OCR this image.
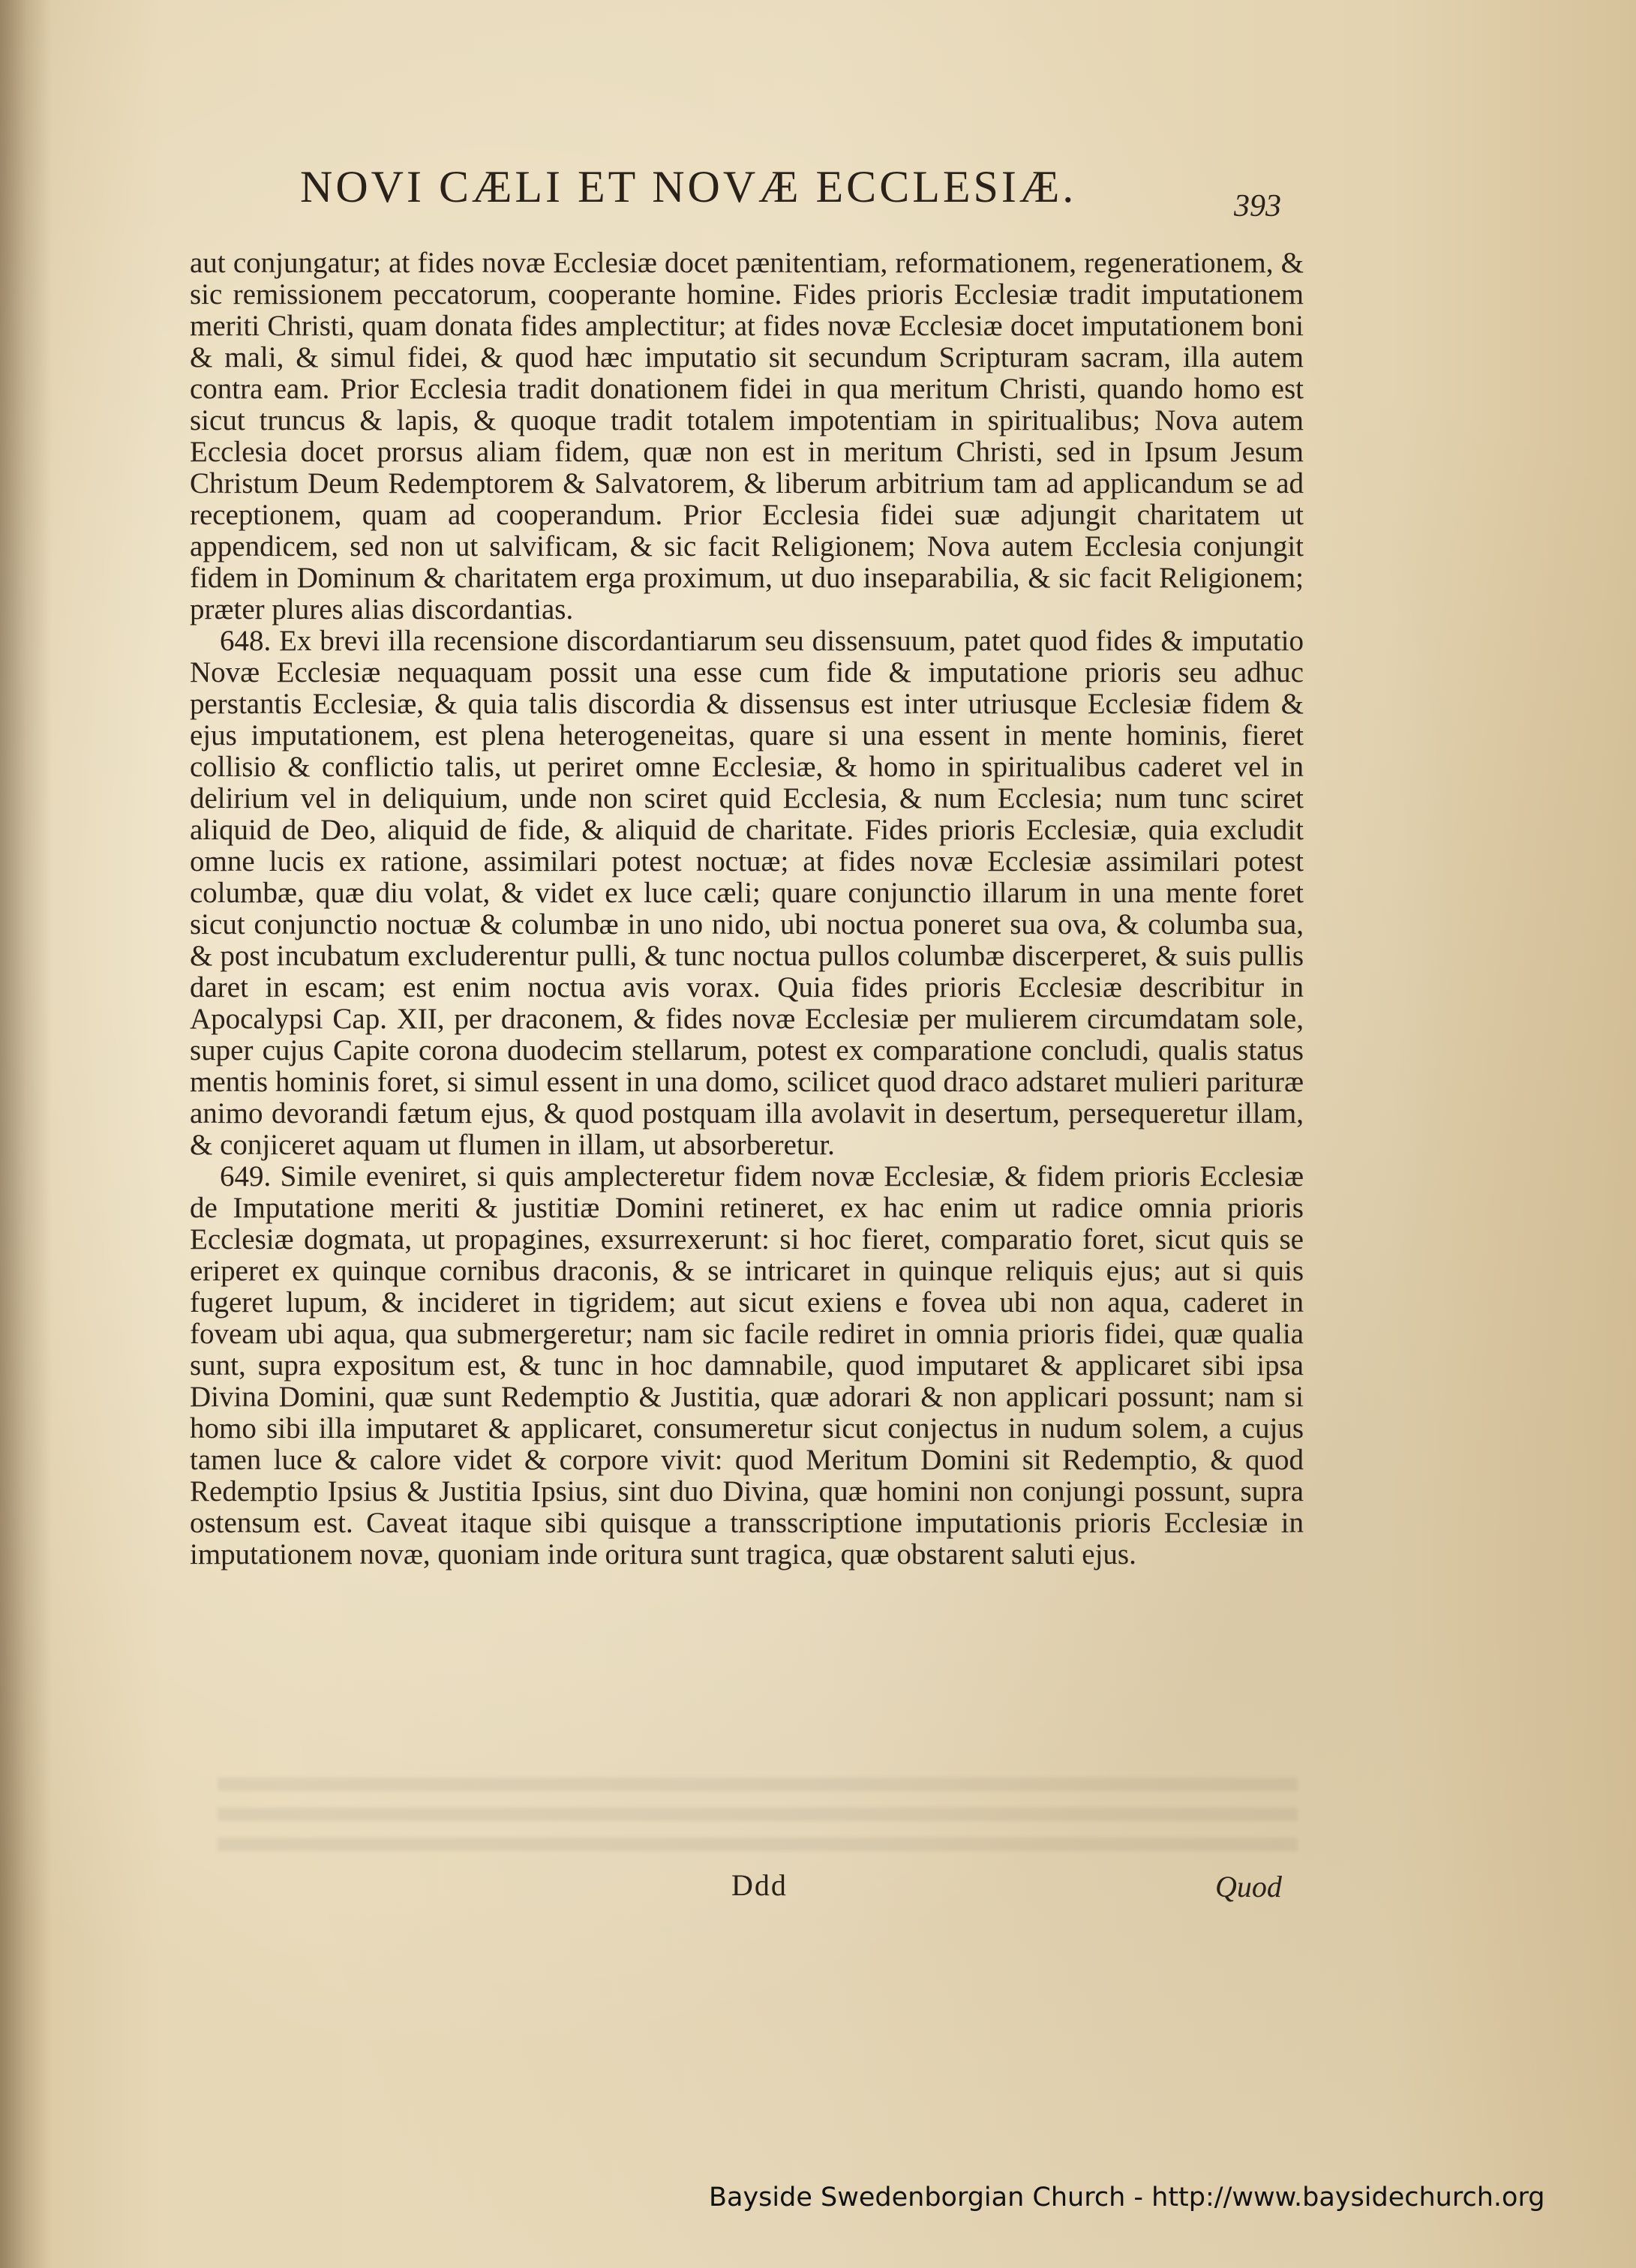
NOVI CÆLI ET NOVÆ ECCLESIÆ.	393

aut conjungatur; at fides novæ Ecclesiæ docet pænitentiam, reformationem, regenerationem, & sic remissionem peccatorum, cooperante homine. Fides prioris Ecclesiæ tradit imputationem meriti Christi, quam donata fides amplectitur; at fides novæ Ecclesiæ docet imputationem boni & mali, & simul fidei, & quod hæc imputatio sit secundum Scripturam sacram, illa autem contra eam. Prior Ecclesia tradit donationem fidei in qua meritum Christi, quando homo est sicut truncus & lapis, & quoque tradit totalem impotentiam in spiritualibus; Nova autem Ecclesia docet prorsus aliam fidem, quæ non est in meritum Christi, sed in Ipsum Jesum Christum Deum Redemptorem & Salvatorem, & liberum arbitrium tam ad applicandum se ad receptionem, quam ad cooperandum. Prior Ecclesia fidei suæ adjungit charitatem ut appendicem, sed non ut salvificam, & sic facit Religionem; Nova autem Ecclesia conjungit fidem in Dominum & charitatem erga proximum, ut duo inseparabilia, & sic facit Religionem; præter plures alias discordantias.

648. Ex brevi illa recensione discordantiarum seu dissensuum, patet quod fides & imputatio Novæ Ecclesiæ nequaquam possit una esse cum fide & imputatione prioris seu adhuc perstantis Ecclesiæ, & quia talis discordia & dissensus est inter utriusque Ecclesiæ fidem & ejus imputationem, est plena heterogeneitas, quare si una essent in mente hominis, fieret collisio & conflictio talis, ut periret omne Ecclesiæ, & homo in spiritualibus caderet vel in delirium vel in deliquium, unde non sciret quid Ecclesia, & num Ecclesia; num tunc sciret aliquid de Deo, aliquid de fide, & aliquid de charitate. Fides prioris Ecclesiæ, quia excludit omne lucis ex ratione, assimilari potest noctuæ; at fides novæ Ecclesiæ assimilari potest columbæ, quæ diu volat, & videt ex luce cæli; quare conjunctio illarum in una mente foret sicut conjunctio noctuæ & columbæ in uno nido, ubi noctua poneret sua ova, & columba sua, & post incubatum excluderentur pulli, & tunc noctua pullos columbæ discerperet, & suis pullis daret in escam; est enim noctua avis vorax. Quia fides prioris Ecclesiæ describitur in Apocalypsi Cap. XII, per draconem, & fides novæ Ecclesiæ per mulierem circumdatam sole, super cujus Capite corona duodecim stellarum, potest ex comparatione concludi, qualis status mentis hominis foret, si simul essent in una domo, scilicet quod draco adstaret mulieri parituræ animo devorandi fætum ejus, & quod postquam illa avolavit in desertum, persequeretur illam, & conjiceret aquam ut flumen in illam, ut absorberetur.

649. Simile eveniret, si quis amplecteretur fidem novæ Ecclesiæ, & fidem prioris Ecclesiæ de Imputatione meriti & justitiæ Domini retineret, ex hac enim ut radice omnia prioris Ecclesiæ dogmata, ut propagines, exsurrexerunt: si hoc fieret, comparatio foret, sicut quis se eriperet ex quinque cornibus draconis, & se intricaret in quinque reliquis ejus; aut si quis fugeret lupum, & incideret in tigridem; aut sicut exiens e fovea ubi non aqua, caderet in foveam ubi aqua, qua submergeretur; nam sic facile rediret in omnia prioris fidei, quæ qualia sunt, supra expositum est, & tunc in hoc damnabile, quod imputaret & applicaret sibi ipsa Divina Domini, quæ sunt Redemptio & Justitia, quæ adorari & non applicari possunt; nam si homo sibi illa imputaret & applicaret, consumeretur sicut conjectus in nudum solem, a cujus tamen luce & calore videt & corpore vivit: quod Meritum Domini sit Redemptio, & quod Redemptio Ipsius & Justitia Ipsius, sint duo Divina, quæ homini non conjungi possunt, supra ostensum est. Caveat itaque sibi quisque a transscriptione imputationis prioris Ecclesiæ in imputationem novæ, quoniam inde oritura sunt tragica, quæ obstarent saluti ejus.

Ddd	Quod
Bayside Swedenborgian Church - http://www.baysidechurch.org
